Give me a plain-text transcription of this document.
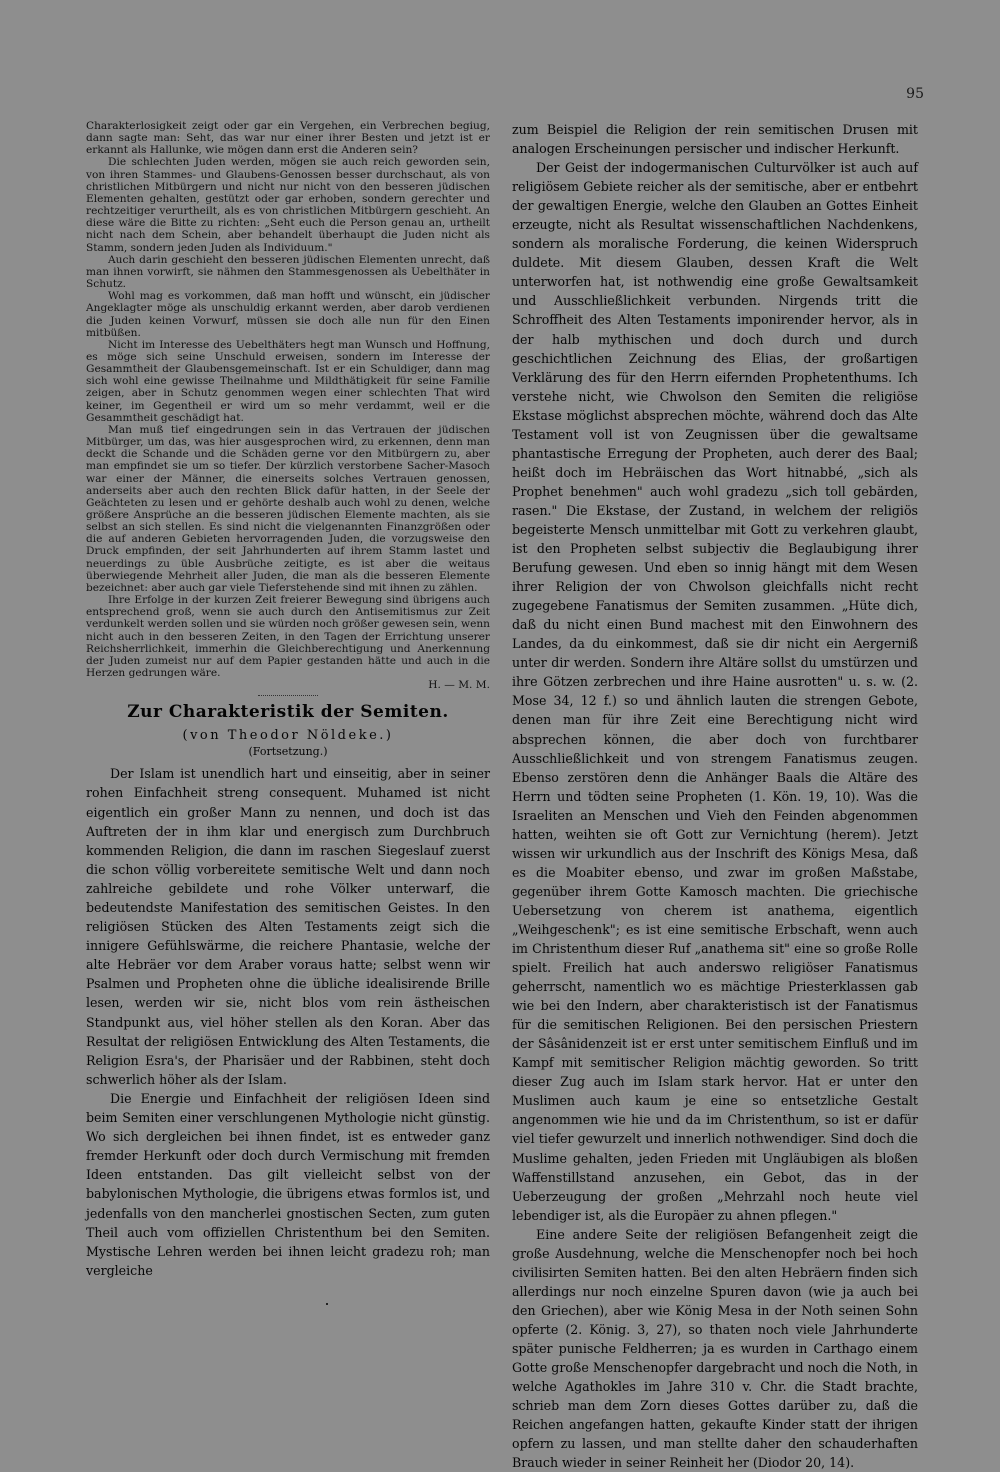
95

Charakterlosigkeit zeigt oder gar ein Vergehen, ein Verbrechen begiug, dann sagte man: Seht, das war nur einer ihrer Besten und jetzt ist er erkannt als Hallunke, wie mögen dann erst die Anderen sein?

Die schlechten Juden werden, mögen sie auch reich geworden sein, von ihren Stammes- und Glaubens-Genossen besser durchschaut, als von christlichen Mitbürgern und nicht nur nicht von den besseren jüdischen Elementen gehalten, gestützt oder gar erhoben, sondern gerechter und rechtzeitiger verurtheilt, als es von christlichen Mitbürgern geschieht. An diese wäre die Bitte zu richten: „Seht euch die Person genau an, urtheilt nicht nach dem Schein, aber behandelt überhaupt die Juden nicht als Stamm, sondern jeden Juden als Individuum."

Auch darin geschieht den besseren jüdischen Elementen unrecht, daß man ihnen vorwirft, sie nähmen den Stammesgenossen als Uebelthäter in Schutz.

Wohl mag es vorkommen, daß man hofft und wünscht, ein jüdischer Angeklagter möge als unschuldig erkannt werden, aber darob verdienen die Juden keinen Vorwurf, müssen sie doch alle nun für den Einen mitbüßen.

Nicht im Interesse des Uebelthäters hegt man Wunsch und Hoffnung, es möge sich seine Unschuld erweisen, sondern im Interesse der Gesammtheit der Glaubensgemeinschaft. Ist er ein Schuldiger, dann mag sich wohl eine gewisse Theilnahme und Mildthätigkeit für seine Familie zeigen, aber in Schutz genommen wegen einer schlechten That wird keiner, im Gegentheil er wird um so mehr verdammt, weil er die Gesammtheit geschädigt hat.

Man muß tief eingedrungen sein in das Vertrauen der jüdischen Mitbürger, um das, was hier ausgesprochen wird, zu erkennen, denn man deckt die Schande und die Schäden gerne vor den Mitbürgern zu, aber man empfindet sie um so tiefer. Der kürzlich verstorbene Sacher-Masoch war einer der Männer, die einerseits solches Vertrauen genossen, anderseits aber auch den rechten Blick dafür hatten, in der Seele der Geächteten zu lesen und er gehörte deshalb auch wohl zu denen, welche größere Ansprüche an die besseren jüdischen Elemente machten, als sie selbst an sich stellen. Es sind nicht die vielgenannten Finanzgrößen oder die auf anderen Gebieten hervorragenden Juden, die vorzugsweise den Druck empfinden, der seit Jahrhunderten auf ihrem Stamm lastet und neuerdings zu üble Ausbrüche zeitigte, es ist aber die weitaus überwiegende Mehrheit aller Juden, die man als die besseren Elemente bezeichnet: aber auch gar viele Tieferstehende sind mit ihnen zu zählen.

Ihre Erfolge in der kurzen Zeit freierer Bewegung sind übrigens auch entsprechend groß, wenn sie auch durch den Antisemitismus zur Zeit verdunkelt werden sollen und sie würden noch größer gewesen sein, wenn nicht auch in den besseren Zeiten, in den Tagen der Errichtung unserer Reichsherrlichkeit, immerhin die Gleichberechtigung und Anerkennung der Juden zumeist nur auf dem Papier gestanden hätte und auch in die Herzen gedrungen wäre.

H. — M. M.

Zur Charakteristik der Semiten.
(von Theodor Nöldeke.)
(Fortsetzung.)

Der Islam ist unendlich hart und einseitig, aber in seiner rohen Einfachheit streng consequent. Muhamed ist nicht eigentlich ein großer Mann zu nennen, und doch ist das Auftreten der in ihm klar und energisch zum Durchbruch kommenden Religion, die dann im raschen Siegeslauf zuerst die schon völlig vorbereitete semitische Welt und dann noch zahlreiche gebildete und rohe Völker unterwarf, die bedeutendste Manifestation des semitischen Geistes. In den religiösen Stücken des Alten Testaments zeigt sich die innigere Gefühlswärme, die reichere Phantasie, welche der alte Hebräer vor dem Araber voraus hatte; selbst wenn wir Psalmen und Propheten ohne die übliche idealisirende Brille lesen, werden wir sie, nicht blos vom rein ästheischen Standpunkt aus, viel höher stellen als den Koran. Aber das Resultat der religiösen Entwicklung des Alten Testaments, die Religion Esra's, der Pharisäer und der Rabbinen, steht doch schwerlich höher als der Islam.

Die Energie und Einfachheit der religiösen Ideen sind beim Semiten einer verschlungenen Mythologie nicht günstig. Wo sich dergleichen bei ihnen findet, ist es entweder ganz fremder Herkunft oder doch durch Vermischung mit fremden Ideen entstanden. Das gilt vielleicht selbst von der babylonischen Mythologie, die übrigens etwas formlos ist, und jedenfalls von den mancherlei gnostischen Secten, zum guten Theil auch vom offiziellen Christenthum bei den Semiten. Mystische Lehren werden bei ihnen leicht gradezu roh; man vergleiche

zum Beispiel die Religion der rein semitischen Drusen mit analogen Erscheinungen persischer und indischer Herkunft.

Der Geist der indogermanischen Culturvölker ist auch auf religiösem Gebiete reicher als der semitische, aber er entbehrt der gewaltigen Energie, welche den Glauben an Gottes Einheit erzeugte, nicht als Resultat wissenschaftlichen Nachdenkens, sondern als moralische Forderung, die keinen Widerspruch duldete. Mit diesem Glauben, dessen Kraft die Welt unterworfen hat, ist nothwendig eine große Gewaltsamkeit und Ausschließlichkeit verbunden. Nirgends tritt die Schroffheit des Alten Testaments imponirender hervor, als in der halb mythischen und doch durch und durch geschichtlichen Zeichnung des Elias, der großartigen Verklärung des für den Herrn eifernden Prophetenthums. Ich verstehe nicht, wie Chwolson den Semiten die religiöse Ekstase möglichst absprechen möchte, während doch das Alte Testament voll ist von Zeugnissen über die gewaltsame phantastische Erregung der Propheten, auch derer des Baal; heißt doch im Hebräischen das Wort hitnabbé, „sich als Prophet benehmen" auch wohl gradezu „sich toll gebärden, rasen." Die Ekstase, der Zustand, in welchem der religiös begeisterte Mensch unmittelbar mit Gott zu verkehren glaubt, ist den Propheten selbst subjectiv die Beglaubigung ihrer Berufung gewesen. Und eben so innig hängt mit dem Wesen ihrer Religion der von Chwolson gleichfalls nicht recht zugegebene Fanatismus der Semiten zusammen. „Hüte dich, daß du nicht einen Bund machest mit den Einwohnern des Landes, da du einkommest, daß sie dir nicht ein Aergerniß unter dir werden. Sondern ihre Altäre sollst du umstürzen und ihre Götzen zerbrechen und ihre Haine ausrotten" u. s. w. (2. Mose 34, 12 f.) so und ähnlich lauten die strengen Gebote, denen man für ihre Zeit eine Berechtigung nicht wird absprechen können, die aber doch von furchtbarer Ausschließlichkeit und von strengem Fanatismus zeugen. Ebenso zerstören denn die Anhänger Baals die Altäre des Herrn und tödten seine Propheten (1. Kön. 19, 10). Was die Israeliten an Menschen und Vieh den Feinden abgenommen hatten, weihten sie oft Gott zur Vernichtung (herem). Jetzt wissen wir urkundlich aus der Inschrift des Königs Mesa, daß es die Moabiter ebenso, und zwar im großen Maßstabe, gegenüber ihrem Gotte Kamosch machten. Die griechische Uebersetzung von cherem ist anathema, eigentlich „Weihgeschenk"; es ist eine semitische Erbschaft, wenn auch im Christenthum dieser Ruf „anathema sit" eine so große Rolle spielt. Freilich hat auch anderswo religiöser Fanatismus geherrscht, namentlich wo es mächtige Priesterklassen gab wie bei den Indern, aber charakteristisch ist der Fanatismus für die semitischen Religionen. Bei den persischen Priestern der Sâsânidenzeit ist er erst unter semitischem Einfluß und im Kampf mit semitischer Religion mächtig geworden. So tritt dieser Zug auch im Islam stark hervor. Hat er unter den Muslimen auch kaum je eine so entsetzliche Gestalt angenommen wie hie und da im Christenthum, so ist er dafür viel tiefer gewurzelt und innerlich nothwendiger. Sind doch die Muslime gehalten, jeden Frieden mit Ungläubigen als bloßen Waffenstillstand anzusehen, ein Gebot, das in der Ueberzeugung der großen „Mehrzahl noch heute viel lebendiger ist, als die Europäer zu ahnen pflegen."

Eine andere Seite der religiösen Befangenheit zeigt die große Ausdehnung, welche die Menschenopfer noch bei hoch civilisirten Semiten hatten. Bei den alten Hebräern finden sich allerdings nur noch einzelne Spuren davon (wie ja auch bei den Griechen), aber wie König Mesa in der Noth seinen Sohn opferte (2. König. 3, 27), so thaten noch viele Jahrhunderte später punische Feldherren; ja es wurden in Carthago einem Gotte große Menschenopfer dargebracht und noch die Noth, in welche Agathokles im Jahre 310 v. Chr. die Stadt brachte, schrieb man dem Zorn dieses Gottes darüber zu, daß die Reichen angefangen hatten, gekaufte Kinder statt der ihrigen opfern zu lassen, und man stellte daher den schauderhaften Brauch wieder in seiner Reinheit her (Diodor 20, 14).
